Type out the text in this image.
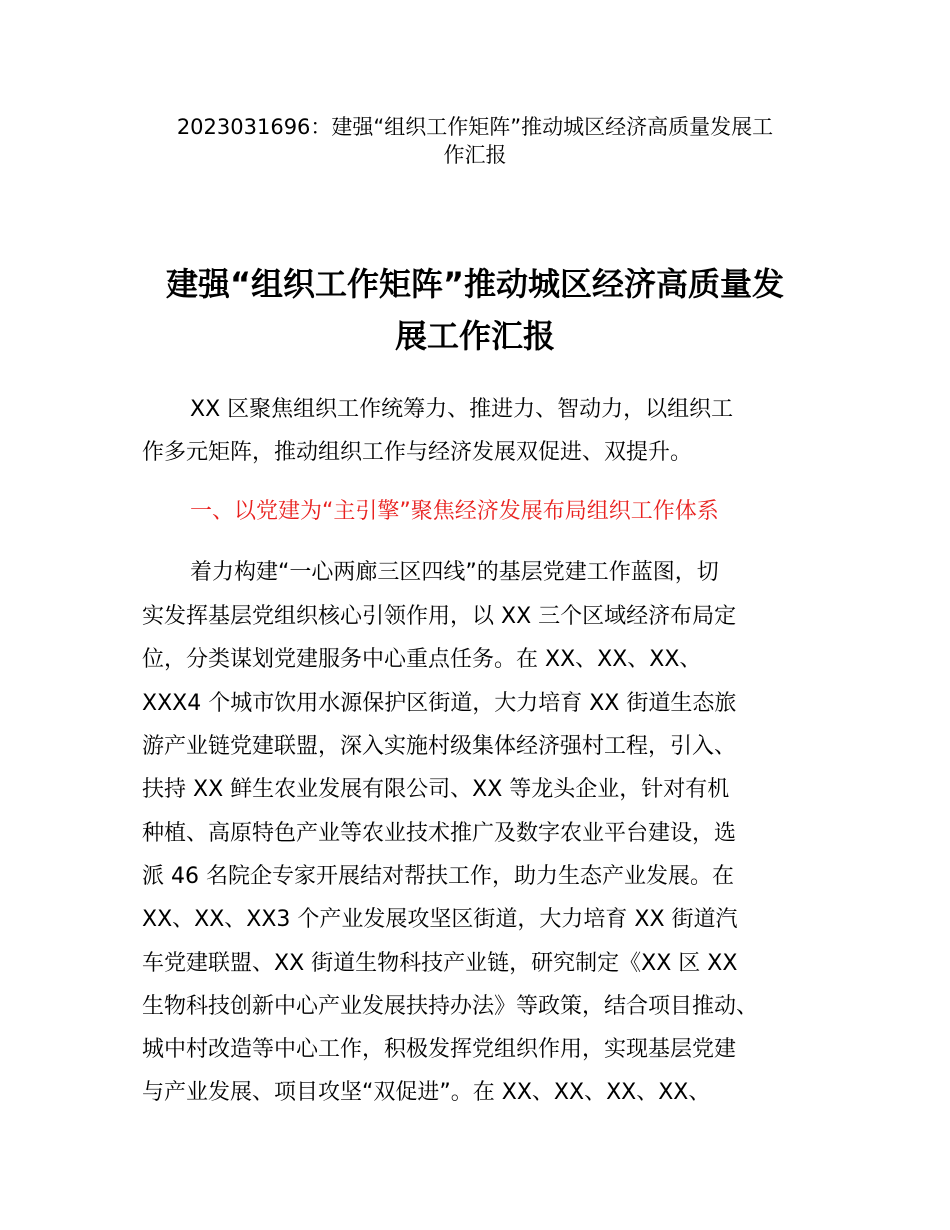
2023031696：建强“组织工作矩阵”推动城区经济高质量发展工
作汇报
建强“组织工作矩阵”推动城区经济高质量发
展工作汇报
XX 区聚焦组织工作统筹力、推进力、智动力，以组织工
作多元矩阵，推动组织工作与经济发展双促进、双提升。
一、以党建为“主引擎”聚焦经济发展布局组织工作体系
着力构建“一心两廊三区四线”的基层党建工作蓝图，切
实发挥基层党组织核心引领作用，以 XX 三个区域经济布局定
位，分类谋划党建服务中心重点任务。在 XX、XX、XX、
XXX4 个城市饮用水源保护区街道，大力培育 XX 街道生态旅
游产业链党建联盟，深入实施村级集体经济强村工程，引入、
扶持 XX 鲜生农业发展有限公司、XX 等龙头企业，针对有机
种植、高原特色产业等农业技术推广及数字农业平台建设，选
派 46 名院企专家开展结对帮扶工作，助力生态产业发展。在
XX、XX、XX3 个产业发展攻坚区街道，大力培育 XX 街道汽
车党建联盟、XX 街道生物科技产业链，研究制定《XX 区 XX
生物科技创新中心产业发展扶持办法》等政策，结合项目推动、
城中村改造等中心工作，积极发挥党组织作用，实现基层党建
与产业发展、项目攻坚“双促进”。在 XX、XX、XX、XX、
